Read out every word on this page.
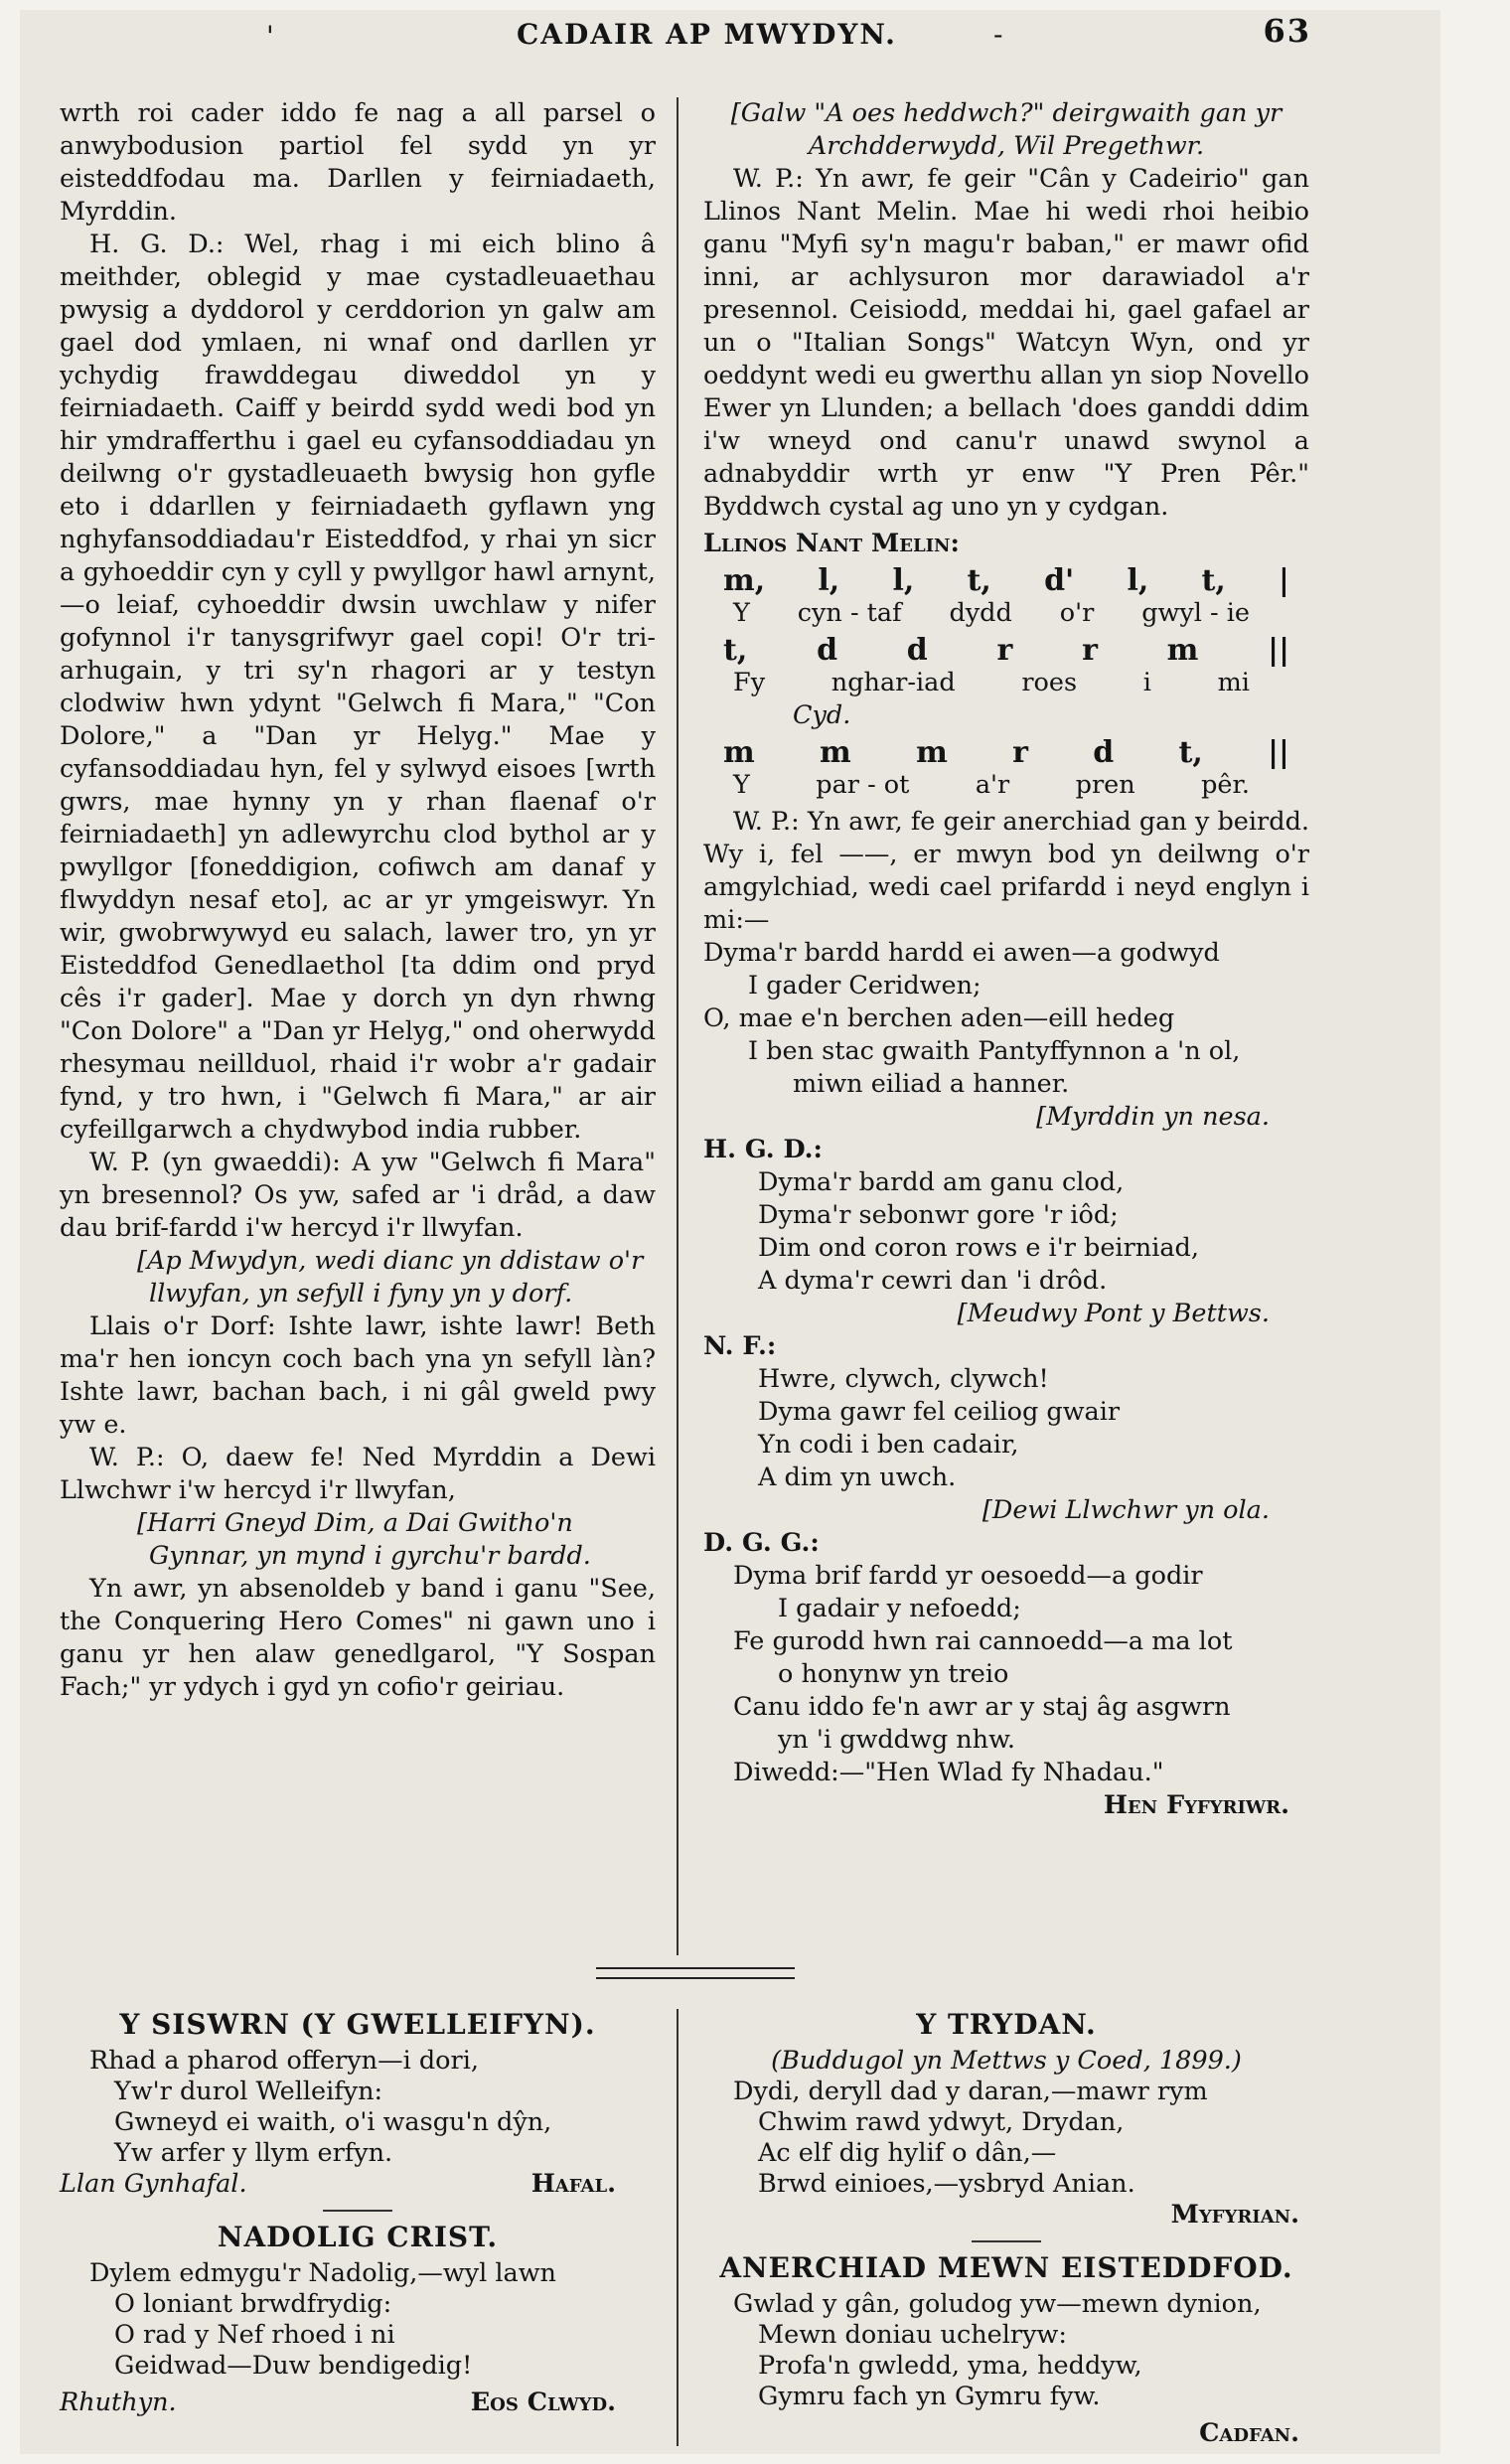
'	CADAIR AP MWYDYN.	-	63

wrth roi cader iddo fe nag a all parsel o anwybodusion partiol fel sydd yn yr eisteddfodau ma. Darllen y feirniadaeth, Myrddin.

H. G. D.: Wel, rhag i mi eich blino â meithder, oblegid y mae cystadleuaethau pwysig a dyddorol y cerddorion yn galw am gael dod ymlaen, ni wnaf ond darllen yr ychydig frawddegau diweddol yn y feirniadaeth. Caiff y beirdd sydd wedi bod yn hir ymdrafferthu i gael eu cyfansoddiadau yn deilwng o'r gystadleuaeth bwysig hon gyfle eto i ddarllen y feirniadaeth gyflawn yng nghyfansoddiadau'r Eisteddfod, y rhai yn sicr a gyhoeddir cyn y cyll y pwyllgor hawl arnynt,—o leiaf, cyhoeddir dwsin uwchlaw y nifer gofynnol i'r tanysgrifwyr gael copi! O'r tri-arhugain, y tri sy'n rhagori ar y testyn clodwiw hwn ydynt "Gelwch fi Mara," "Con Dolore," a "Dan yr Helyg." Mae y cyfansoddiadau hyn, fel y sylwyd eisoes [wrth gwrs, mae hynny yn y rhan flaenaf o'r feirniadaeth] yn adlewyrchu clod bythol ar y pwyllgor [foneddigion, cofiwch am danaf y flwyddyn nesaf eto], ac ar yr ymgeiswyr. Yn wir, gwobrwywyd eu salach, lawer tro, yn yr Eisteddfod Genedlaethol [ta ddim ond pryd cês i'r gader]. Mae y dorch yn dyn rhwng "Con Dolore" a "Dan yr Helyg," ond oherwydd rhesymau neillduol, rhaid i'r wobr a'r gadair fynd, y tro hwn, i "Gelwch fi Mara," ar air cyfeillgarwch a chydwybod india rubber.

W. P. (yn gwaeddi): A yw "Gelwch fi Mara" yn bresennol? Os yw, safed ar 'i dråd, a daw dau brif-fardd i'w hercyd i'r llwyfan.

[Ap Mwydyn, wedi dianc yn ddistaw o'r llwyfan, yn sefyll i fyny yn y dorf.

Llais o'r Dorf: Ishte lawr, ishte lawr! Beth ma'r hen ioncyn coch bach yna yn sefyll làn? Ishte lawr, bachan bach, i ni gâl gweld pwy yw e.

W. P.: O, daew fe! Ned Myrddin a Dewi Llwchwr i'w hercyd i'r llwyfan,

[Harri Gneyd Dim, a Dai Gwitho'n Gynnar, yn mynd i gyrchu'r bardd.

Yn awr, yn absenoldeb y band i ganu "See, the Conquering Hero Comes" ni gawn uno i ganu yr hen alaw genedlgarol, "Y Sospan Fach;" yr ydych i gyd yn cofio'r geiriau.

[Galw "A oes heddwch?" deirgwaith gan yr Archdderwydd, Wil Pregethwr.

W. P.: Yn awr, fe geir "Cân y Cadeirio" gan Llinos Nant Melin. Mae hi wedi rhoi heibio ganu "Myfi sy'n magu'r baban," er mawr ofid inni, ar achlysuron mor darawiadol a'r presennol. Ceisiodd, meddai hi, gael gafael ar un o "Italian Songs" Watcyn Wyn, ond yr oeddynt wedi eu gwerthu allan yn siop Novello Ewer yn Llunden; a bellach 'does ganddi ddim i'w wneyd ond canu'r unawd swynol a adnabyddir wrth yr enw "Y Pren Pêr." Byddwch cystal ag uno yn y cydgan.

Llinos Nant Melin:

m, l, l, t, d' l, t, |
Y cyn - taf dydd o'r gwyl - ie
t, d d r r m ||
Fy	nghar-iad	roes	i	mi

Cyd.

m m m r d t, ||
Y	par - ot	a'r	pren	pêr.

W. P.: Yn awr, fe geir anerchiad gan y beirdd. Wy i, fel ——, er mwyn bod yn deilwng o'r amgylchiad, wedi cael prifardd i neyd englyn i mi:—

Dyma'r bardd hardd ei awen—a godwyd
I gader Ceridwen;
O, mae e'n berchen aden—eill hedeg
I ben stac gwaith Pantyffynnon a 'n ol,
miwn eiliad a hanner.

[Myrddin yn nesa.

H. G. D.:

Dyma'r bardd am ganu clod,
Dyma'r sebonwr gore 'r iôd;
Dim ond coron rows e i'r beirniad,
A dyma'r cewri dan 'i drôd.

[Meudwy Pont y Bettws.

N. F.:

Hwre, clywch, clywch!
Dyma gawr fel ceiliog gwair
Yn codi i ben cadair,
A dim yn uwch.

[Dewi Llwchwr yn ola.

D. G. G.:

Dyma brif fardd yr oesoedd—a godir
I gadair y nefoedd;
Fe gurodd hwn rai cannoedd—a ma lot
o honynw yn treio
Canu iddo fe'n awr ar y staj âg asgwrn
yn 'i gwddwg nhw.

Diwedd:—"Hen Wlad fy Nhadau."

Hen Fyfyriwr.

Y SISWRN (Y GWELLEIFYN).
Rhad a pharod offeryn—i dori,
Yw'r durol Welleifyn:
Gwneyd ei waith, o'i wasgu'n dŷn,
Yw arfer y llym erfyn.
Llan Gynhafal.	Hafal.
NADOLIG CRIST.
Dylem edmygu'r Nadolig,—wyl lawn
O loniant brwdfrydig:
O rad y Nef rhoed i ni
Geidwad—Duw bendigedig!
Rhuthyn.	Eos Clwyd.
Y TRYDAN.
(Buddugol yn Mettws y Coed, 1899.)
Dydi, deryll dad y daran,—mawr rym
Chwim rawd ydwyt, Drydan,
Ac elf dig hylif o dân,—
Brwd einioes,—ysbryd Anian.
Myfyrian.
ANERCHIAD MEWN EISTEDDFOD.
Gwlad y gân, goludog yw—mewn dynion,
Mewn doniau uchelryw:
Profa'n gwledd, yma, heddyw,
Gymru fach yn Gymru fyw.
Cadfan.
